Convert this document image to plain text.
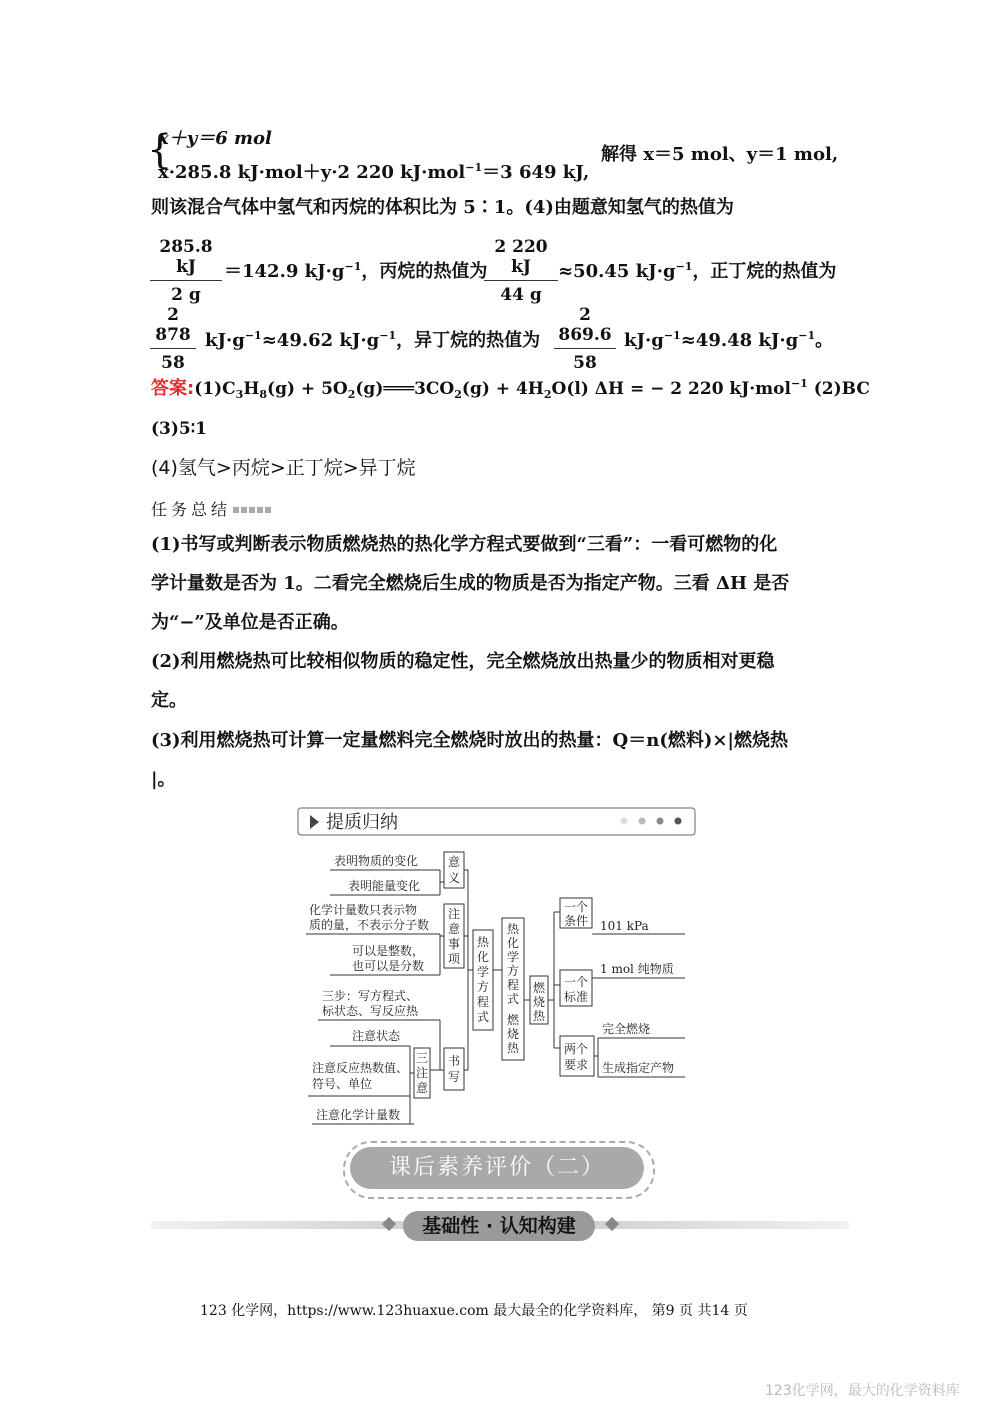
{
x＋y＝6 mol
x·285.8 kJ·mol＋y·2 220 kJ·mol$^{-1}$＝3 649 kJ,
解得 x＝5 mol、y＝1 mol,
则该混合气体中氢气和丙烷的体积比为 5∶1。(4)由题意知氢气的热值为
285.8 kJ
2 g
＝142.9 $kJ\cdot g^{-1}$，丙烷的热值为
2 220 kJ
44 g
≈50.45 $kJ\cdot g^{-1}$，正丁烷的热值为
2 878
58
$kJ\cdot g^{-1}\approx 49.62$ $kJ\cdot g^{-1}$，异丁烷的热值为
2 869.6
58
$kJ\cdot g^{-1}\approx 49.48$ $kJ\cdot g^{-1}$。
答案$:(1)C_3H_8(g)$ + $5O_2(g)═══3CO_2(g) + 4H_2O(l) \Delta H$ = − 2 220 kJ·mol$^{-1}$ (2)BC
(3)5∶1
(4)氢气>丙烷>正丁烷>异丁烷
任务总结
(1)书写或判断表示物质燃烧热的热化学方程式要做到“三看”：一看可燃物的化
学计量数是否为 1。二看完全燃烧后生成的物质是否为指定产物。三看 ΔH 是否
为“−”及单位是否正确。
(2)利用燃烧热可比较相似物质的稳定性，完全燃烧放出热量少的物质相对更稳
定。
(3)利用燃烧热可计算一定量燃料完全燃烧时放出的热量：Q＝n(燃料)×|燃烧热
|。
提质归纳
意
义
表明物质的变化
表明能量变化
注
意
事
项
化学计量数只表示物
质的量，不表示分子数
可以是整数，
也可以是分数
书
写
三步：写方程式、
标状态、写反应热
三
注
意
注意状态
注意反应热数值、
符号、单位
注意化学计量数
热
化
学
方
程
式
热
化
学
方
程
式
燃
烧
热
燃
烧
热
一个
条件 101 kPa
一个
标准
1 mol 纯物质
两个
要求
完全燃烧
生成指定产物
课后素养评价（二）
基础性 · 认知构建
123 化学网，https://www.123huaxue.com 最大最全的化学资料库， 第9 页 共14 页
123化学网，最大的化学资料库
